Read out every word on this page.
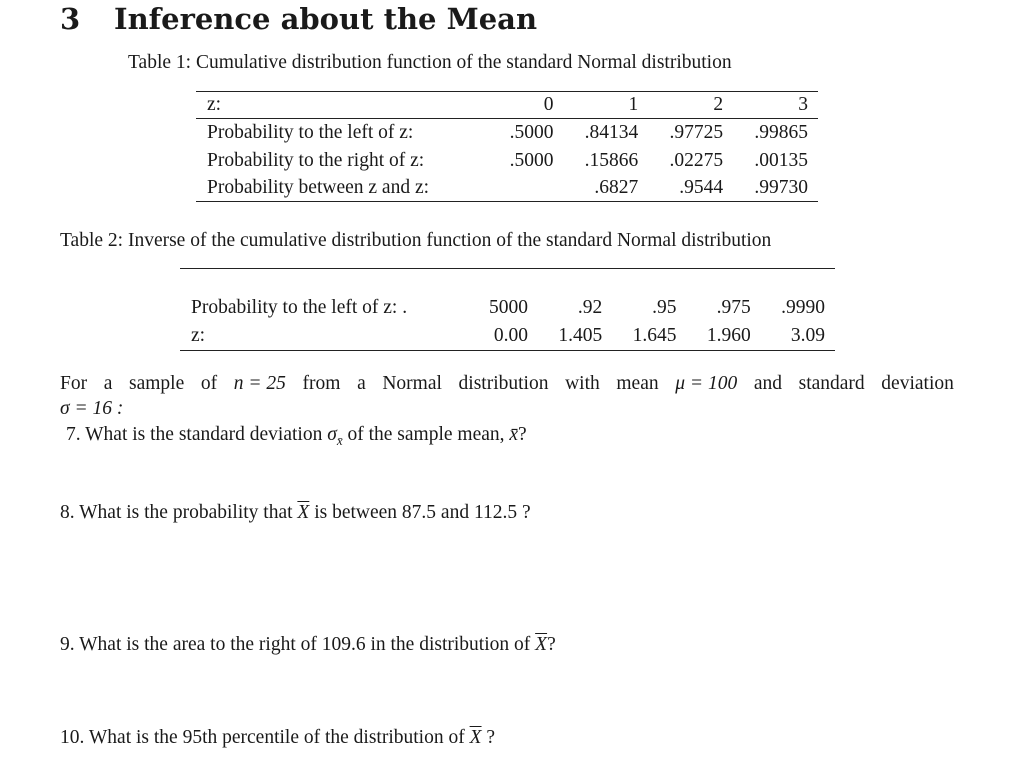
3 Inference about the Mean
Table 1: Cumulative distribution function of the standard Normal distribution
z:	0	1	2	3
Probability to the left of z:	.5000	.84134	.97725	.99865
Probability to the right of z:	.5000	.15866	.02275	.00135
Probability between z and z:		.6827	.9544	.99730
Table 2: Inverse of the cumulative distribution function of the standard Normal distribution
Probability to the left of z: .	5000	.92	.95	.975	.9990
z:	0.00	1.405	1.645	1.960	3.09
For a sample of n = 25 from a Normal distribution with mean μ = 100 and standard deviation
σ = 16 :
7. What is the standard deviation $\sigma_{x̄}$ of the sample mean, x̄?
8. What is the probability that $\overline{X}$ is between 87.5 and 112.5 ?
9. What is the area to the right of 109.6 in the distribution of $\overline{X}$?
10. What is the 95th percentile of the distribution of $\overline{X}$ ?
